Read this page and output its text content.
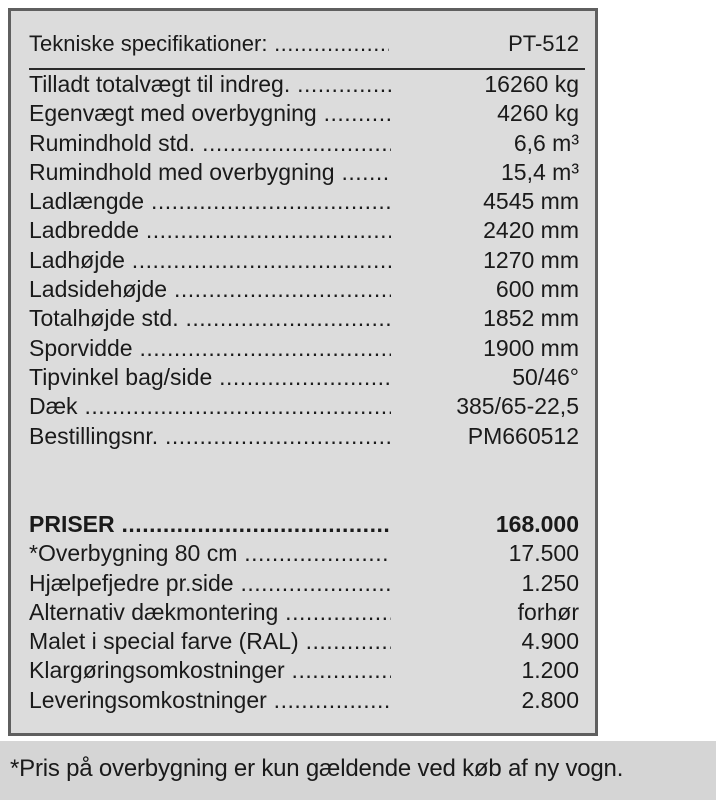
Tekniske specifikationer: .....	PT-512
Tilladt totalvægt til indreg. .....	16260 kg
Egenvægt med overbygning .....	4260 kg
Rumindhold std. .....	6,6 m³
Rumindhold med overbygning .....	15,4 m³
Ladlængde .....	4545 mm
Ladbredde .....	2420 mm
Ladhøjde .....	1270 mm
Ladsidehøjde .....	600 mm
Totalhøjde std. .....	1852 mm
Sporvidde .....	1900 mm
Tipvinkel bag/side .....	50/46°
Dæk .....	385/65-22,5
Bestillingsnr. .....	PM660512
PRISER .....	168.000
*Overbygning 80 cm .....	17.500
Hjælpefjedre pr.side .....	1.250
Alternativ dækmontering .....	forhør
Malet i special farve (RAL) .....	4.900
Klargøringsomkostninger .....	1.200
Leveringsomkostninger .....	2.800
*Pris på overbygning er kun gældende ved køb af ny vogn.
